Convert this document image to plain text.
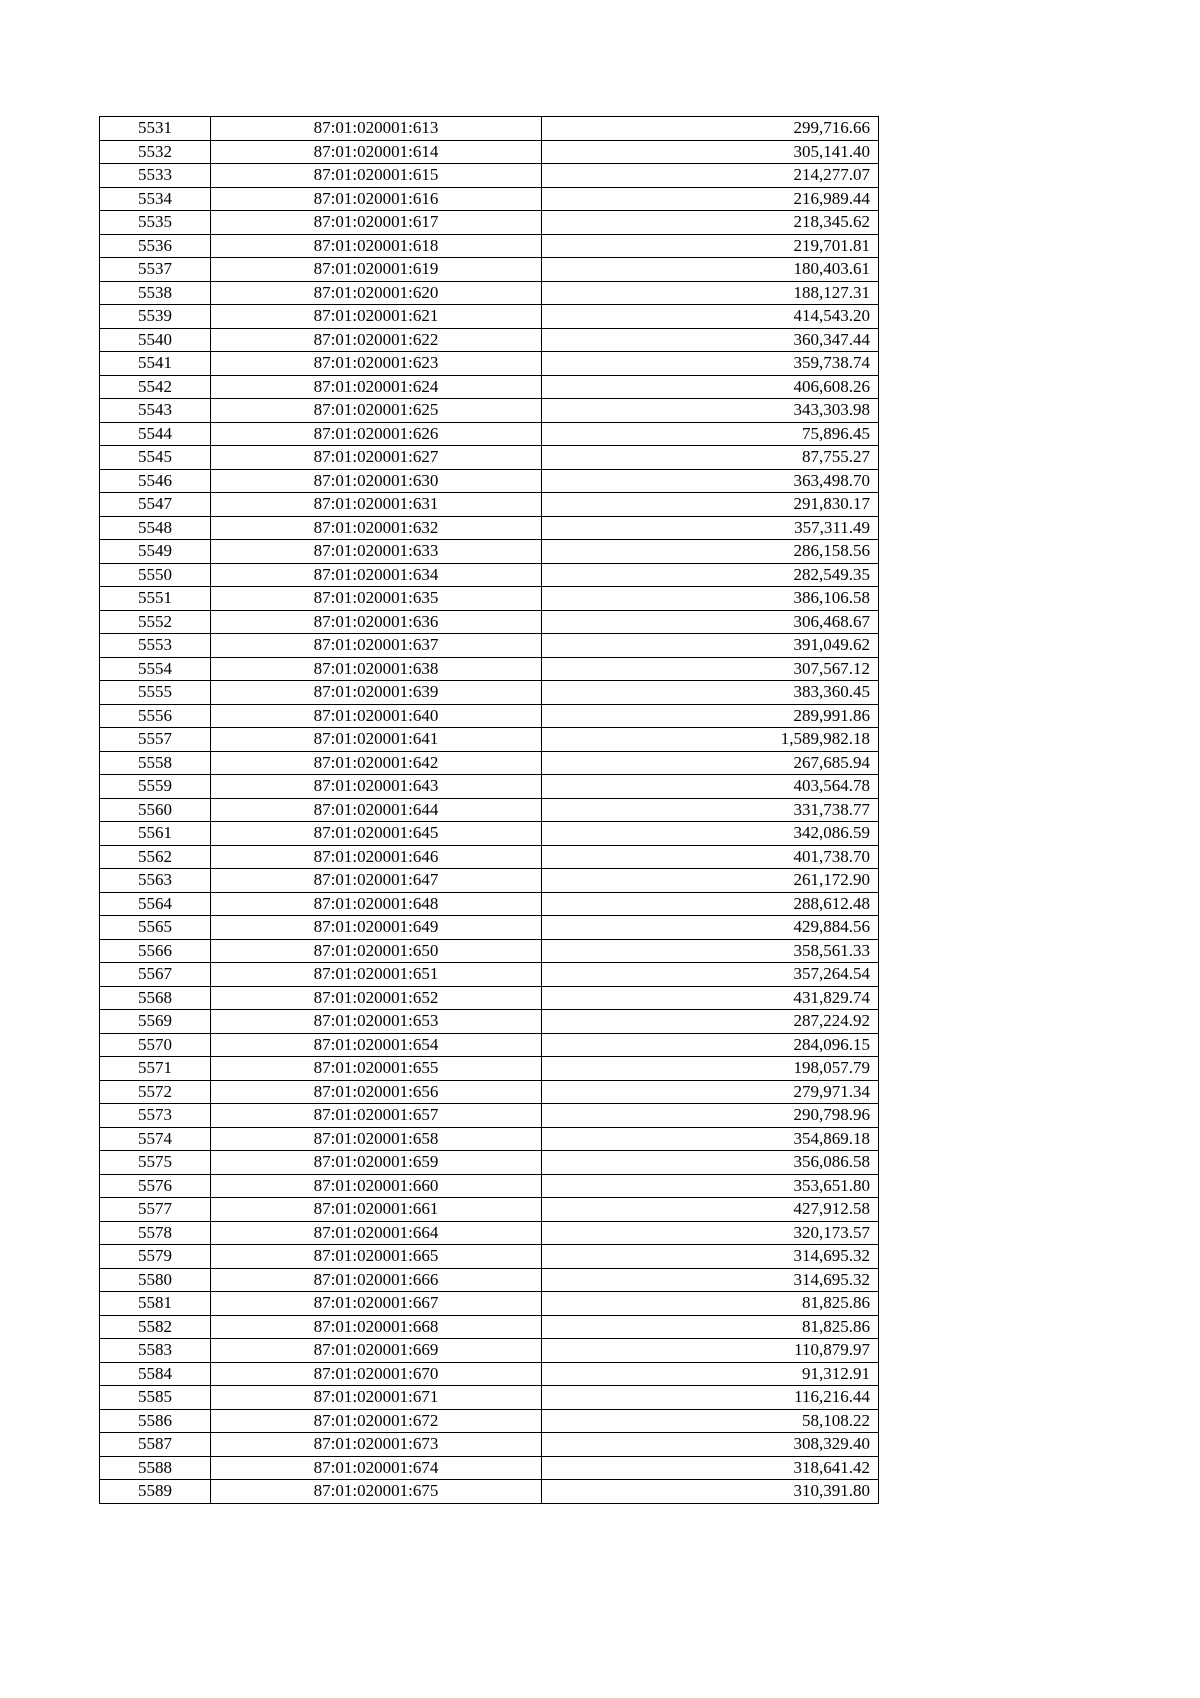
5531	87:01:020001:613	299,716.66
5532	87:01:020001:614	305,141.40
5533	87:01:020001:615	214,277.07
5534	87:01:020001:616	216,989.44
5535	87:01:020001:617	218,345.62
5536	87:01:020001:618	219,701.81
5537	87:01:020001:619	180,403.61
5538	87:01:020001:620	188,127.31
5539	87:01:020001:621	414,543.20
5540	87:01:020001:622	360,347.44
5541	87:01:020001:623	359,738.74
5542	87:01:020001:624	406,608.26
5543	87:01:020001:625	343,303.98
5544	87:01:020001:626	75,896.45
5545	87:01:020001:627	87,755.27
5546	87:01:020001:630	363,498.70
5547	87:01:020001:631	291,830.17
5548	87:01:020001:632	357,311.49
5549	87:01:020001:633	286,158.56
5550	87:01:020001:634	282,549.35
5551	87:01:020001:635	386,106.58
5552	87:01:020001:636	306,468.67
5553	87:01:020001:637	391,049.62
5554	87:01:020001:638	307,567.12
5555	87:01:020001:639	383,360.45
5556	87:01:020001:640	289,991.86
5557	87:01:020001:641	1,589,982.18
5558	87:01:020001:642	267,685.94
5559	87:01:020001:643	403,564.78
5560	87:01:020001:644	331,738.77
5561	87:01:020001:645	342,086.59
5562	87:01:020001:646	401,738.70
5563	87:01:020001:647	261,172.90
5564	87:01:020001:648	288,612.48
5565	87:01:020001:649	429,884.56
5566	87:01:020001:650	358,561.33
5567	87:01:020001:651	357,264.54
5568	87:01:020001:652	431,829.74
5569	87:01:020001:653	287,224.92
5570	87:01:020001:654	284,096.15
5571	87:01:020001:655	198,057.79
5572	87:01:020001:656	279,971.34
5573	87:01:020001:657	290,798.96
5574	87:01:020001:658	354,869.18
5575	87:01:020001:659	356,086.58
5576	87:01:020001:660	353,651.80
5577	87:01:020001:661	427,912.58
5578	87:01:020001:664	320,173.57
5579	87:01:020001:665	314,695.32
5580	87:01:020001:666	314,695.32
5581	87:01:020001:667	81,825.86
5582	87:01:020001:668	81,825.86
5583	87:01:020001:669	110,879.97
5584	87:01:020001:670	91,312.91
5585	87:01:020001:671	116,216.44
5586	87:01:020001:672	58,108.22
5587	87:01:020001:673	308,329.40
5588	87:01:020001:674	318,641.42
5589	87:01:020001:675	310,391.80
